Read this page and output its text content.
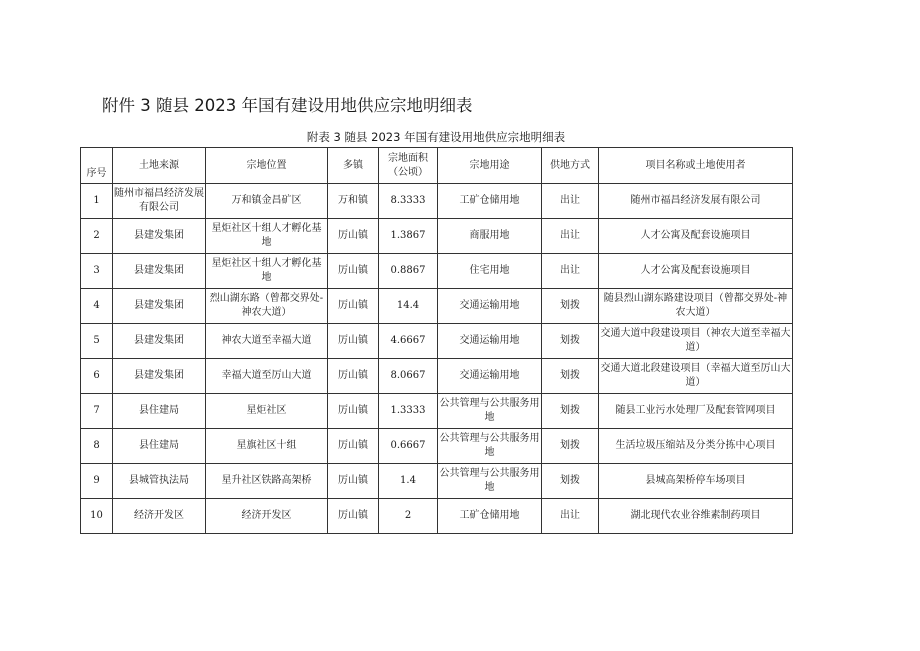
附件 3 随县 2023 年国有建设用地供应宗地明细表
附表 3 随县 2023 年国有建设用地供应宗地明细表
序号	土地来源	宗地位置	多镇	宗地面积（公顷）	宗地用途	供地方式	项目名称或土地使用者
1	随州市福昌经济发展有限公司	万和镇金昌矿区	万和镇	8.3333	工矿仓储用地	出让	随州市福昌经济发展有限公司
2	县建发集团	星炬社区十组人才孵化基地	厉山镇	1.3867	商服用地	出让	人才公寓及配套设施项目
3	县建发集团	星炬社区十组人才孵化基地	厉山镇	0.8867	住宅用地	出让	人才公寓及配套设施项目
4	县建发集团	烈山湖东路（曾都交界处-神农大道）	厉山镇	14.4	交通运输用地	划拨	随县烈山湖东路建设项目（曾都交界处-神农大道）
5	县建发集团	神农大道至幸福大道	厉山镇	4.6667	交通运输用地	划拨	交通大道中段建设项目（神农大道至幸福大道）
6	县建发集团	幸福大道至厉山大道	厉山镇	8.0667	交通运输用地	划拨	交通大道北段建设项目（幸福大道至厉山大道）
7	县住建局	星炬社区	厉山镇	1.3333	公共管理与公共服务用地	划拨	随县工业污水处理厂及配套管网项目
8	县住建局	星旗社区十组	厉山镇	0.6667	公共管理与公共服务用地	划拨	生活垃圾压缩站及分类分拣中心项目
9	县城管执法局	星升社区铁路高架桥	厉山镇	1.4	公共管理与公共服务用地	划拨	县城高架桥停车场项目
10	经济开发区	经济开发区	厉山镇	2	工矿仓储用地	出让	湖北现代农业谷维素制药项目
